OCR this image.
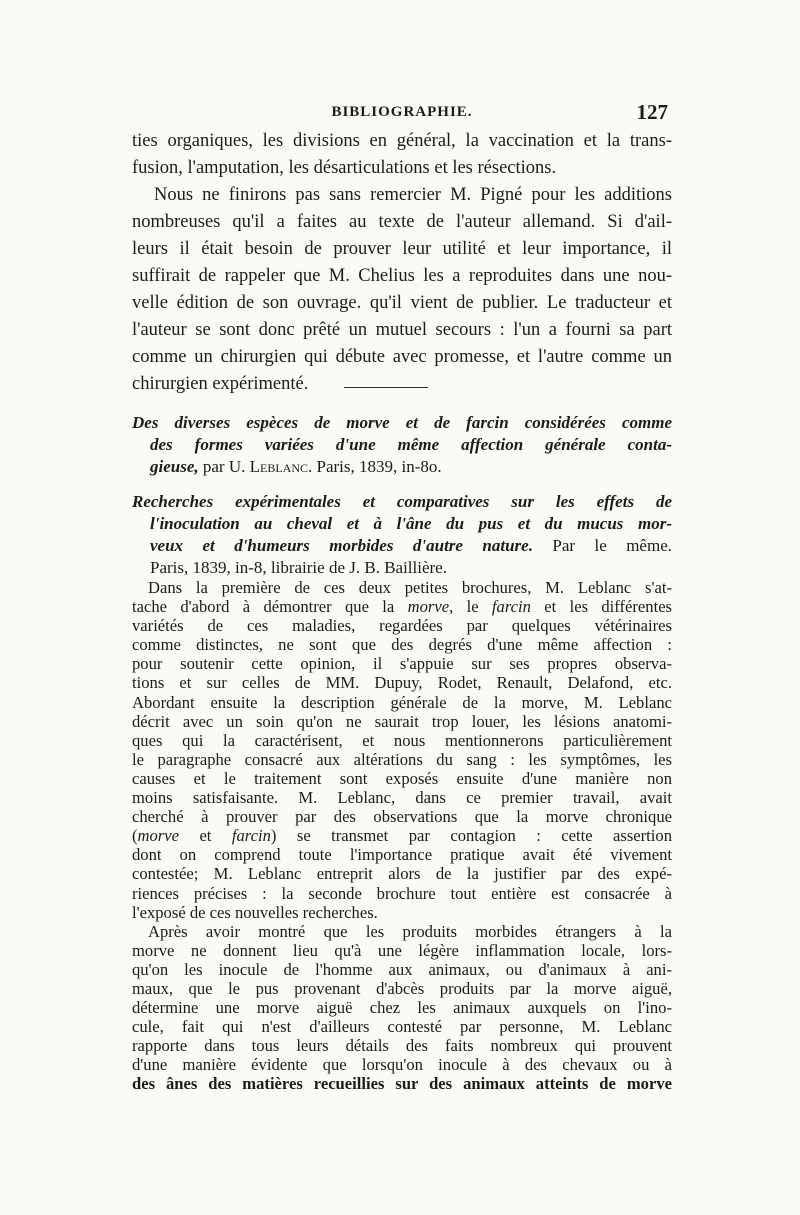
BIBLIOGRAPHIE.	127
ties organiques, les divisions en général, la vaccination et la trans-
fusion, l'amputation, les désarticulations et les résections.
Nous ne finirons pas sans remercier M. Pigné pour les additions
nombreuses qu'il a faites au texte de l'auteur allemand. Si d'ail-
leurs il était besoin de prouver leur utilité et leur importance, il
suffirait de rappeler que M. Chelius les a reproduites dans une nou-
velle édition de son ouvrage. qu'il vient de publier. Le traducteur et
l'auteur se sont donc prêté un mutuel secours : l'un a fourni sa part
comme un chirurgien qui débute avec promesse, et l'autre comme un
chirurgien expérimenté.
Des diverses espèces de morve et de farcin considérées comme
des formes variées d'une même affection générale conta-
gieuse, par U. Leblanc. Paris, 1839, in-8o.
Recherches expérimentales et comparatives sur les effets de
l'inoculation au cheval et à l'âne du pus et du mucus mor-
veux et d'humeurs morbides d'autre nature. Par le même.
Paris, 1839, in-8, librairie de J. B. Baillière.
Dans la première de ces deux petites brochures, M. Leblanc s'at-
tache d'abord à démontrer que la morve, le farcin et les différentes
variétés de ces maladies, regardées par quelques vétérinaires
comme distinctes, ne sont que des degrés d'une même affection :
pour soutenir cette opinion, il s'appuie sur ses propres observa-
tions et sur celles de MM. Dupuy, Rodet, Renault, Delafond, etc.
Abordant ensuite la description générale de la morve, M. Leblanc
décrit avec un soin qu'on ne saurait trop louer, les lésions anatomi-
ques qui la caractérisent, et nous mentionnerons particulièrement
le paragraphe consacré aux altérations du sang : les symptômes, les
causes et le traitement sont exposés ensuite d'une manière non
moins satisfaisante. M. Leblanc, dans ce premier travail, avait
cherché à prouver par des observations que la morve chronique
(morve et farcin) se transmet par contagion : cette assertion
dont on comprend toute l'importance pratique avait été vivement
contestée; M. Leblanc entreprit alors de la justifier par des expé-
riences précises : la seconde brochure tout entière est consacrée à
l'exposé de ces nouvelles recherches.
Après avoir montré que les produits morbides étrangers à la
morve ne donnent lieu qu'à une légère inflammation locale, lors-
qu'on les inocule de l'homme aux animaux, ou d'animaux à ani-
maux, que le pus provenant d'abcès produits par la morve aiguë,
détermine une morve aiguë chez les animaux auxquels on l'ino-
cule, fait qui n'est d'ailleurs contesté par personne, M. Leblanc
rapporte dans tous leurs détails des faits nombreux qui prouvent
d'une manière évidente que lorsqu'on inocule à des chevaux ou à
des ânes des matières recueillies sur des animaux atteints de morve
